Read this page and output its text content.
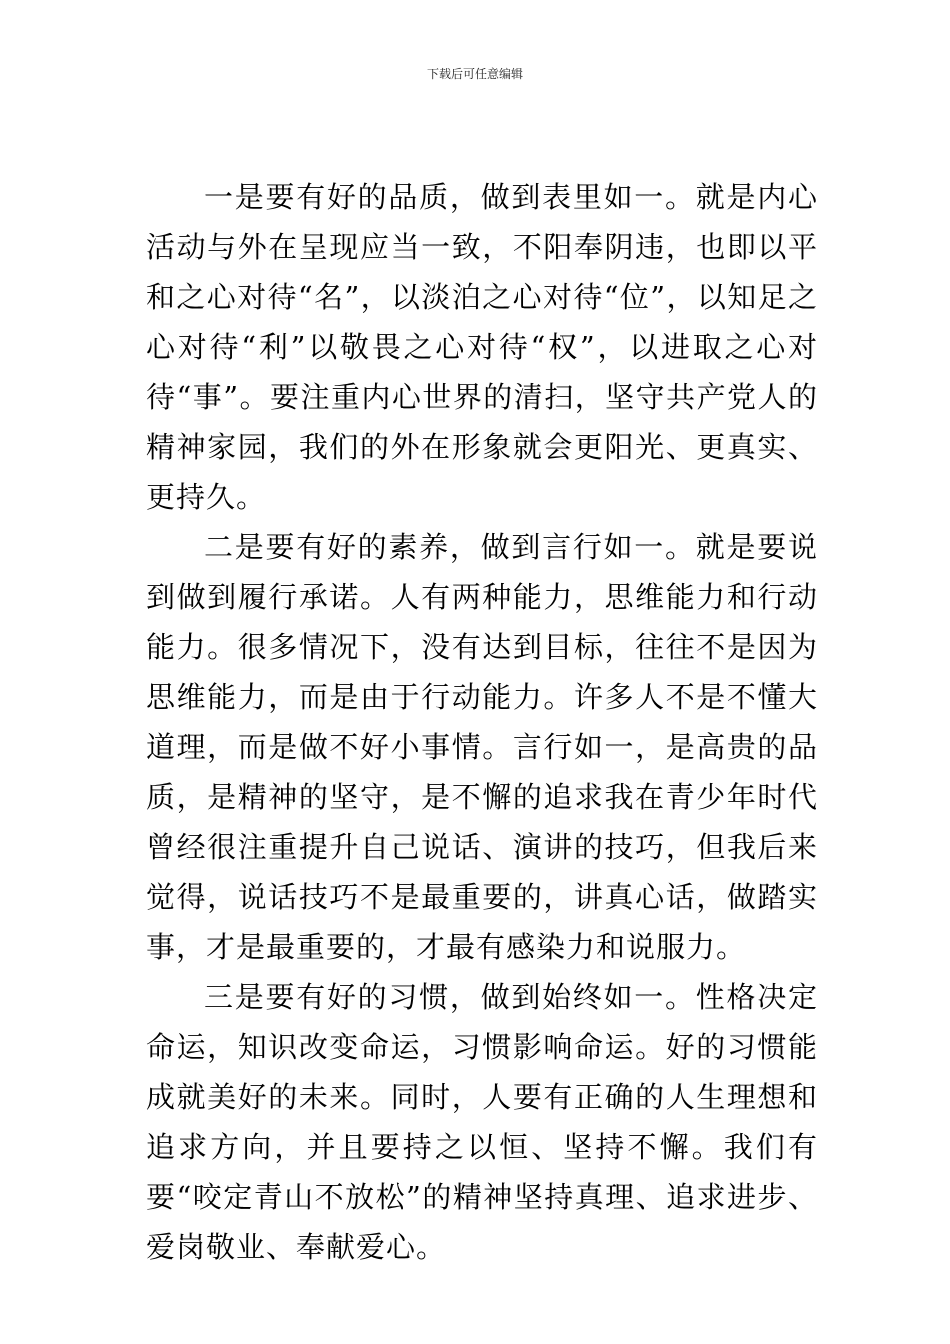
下载后可任意编辑

一是要有好的品质，做到表里如一。就是内心活动与外在呈现应当一致，不阳奉阴违，也即以平和之心对待“名”，以淡泊之心对待“位”，以知足之心对待“利”以敬畏之心对待“权”，以进取之心对待“事”。要注重内心世界的清扫，坚守共产党人的精神家园，我们的外在形象就会更阳光、更真实、更持久。

二是要有好的素养，做到言行如一。就是要说到做到履行承诺。人有两种能力，思维能力和行动能力。很多情况下，没有达到目标，往往不是因为思维能力，而是由于行动能力。许多人不是不懂大道理，而是做不好小事情。言行如一，是高贵的品质，是精神的坚守，是不懈的追求我在青少年时代曾经很注重提升自己说话、演讲的技巧，但我后来觉得，说话技巧不是最重要的，讲真心话，做踏实事，才是最重要的，才最有感染力和说服力。

三是要有好的习惯，做到始终如一。性格决定命运，知识改变命运，习惯影响命运。好的习惯能成就美好的未来。同时，人要有正确的人生理想和追求方向，并且要持之以恒、坚持不懈。我们有要“咬定青山不放松”的精神坚持真理、追求进步、爱岗敬业、奉献爱心。
